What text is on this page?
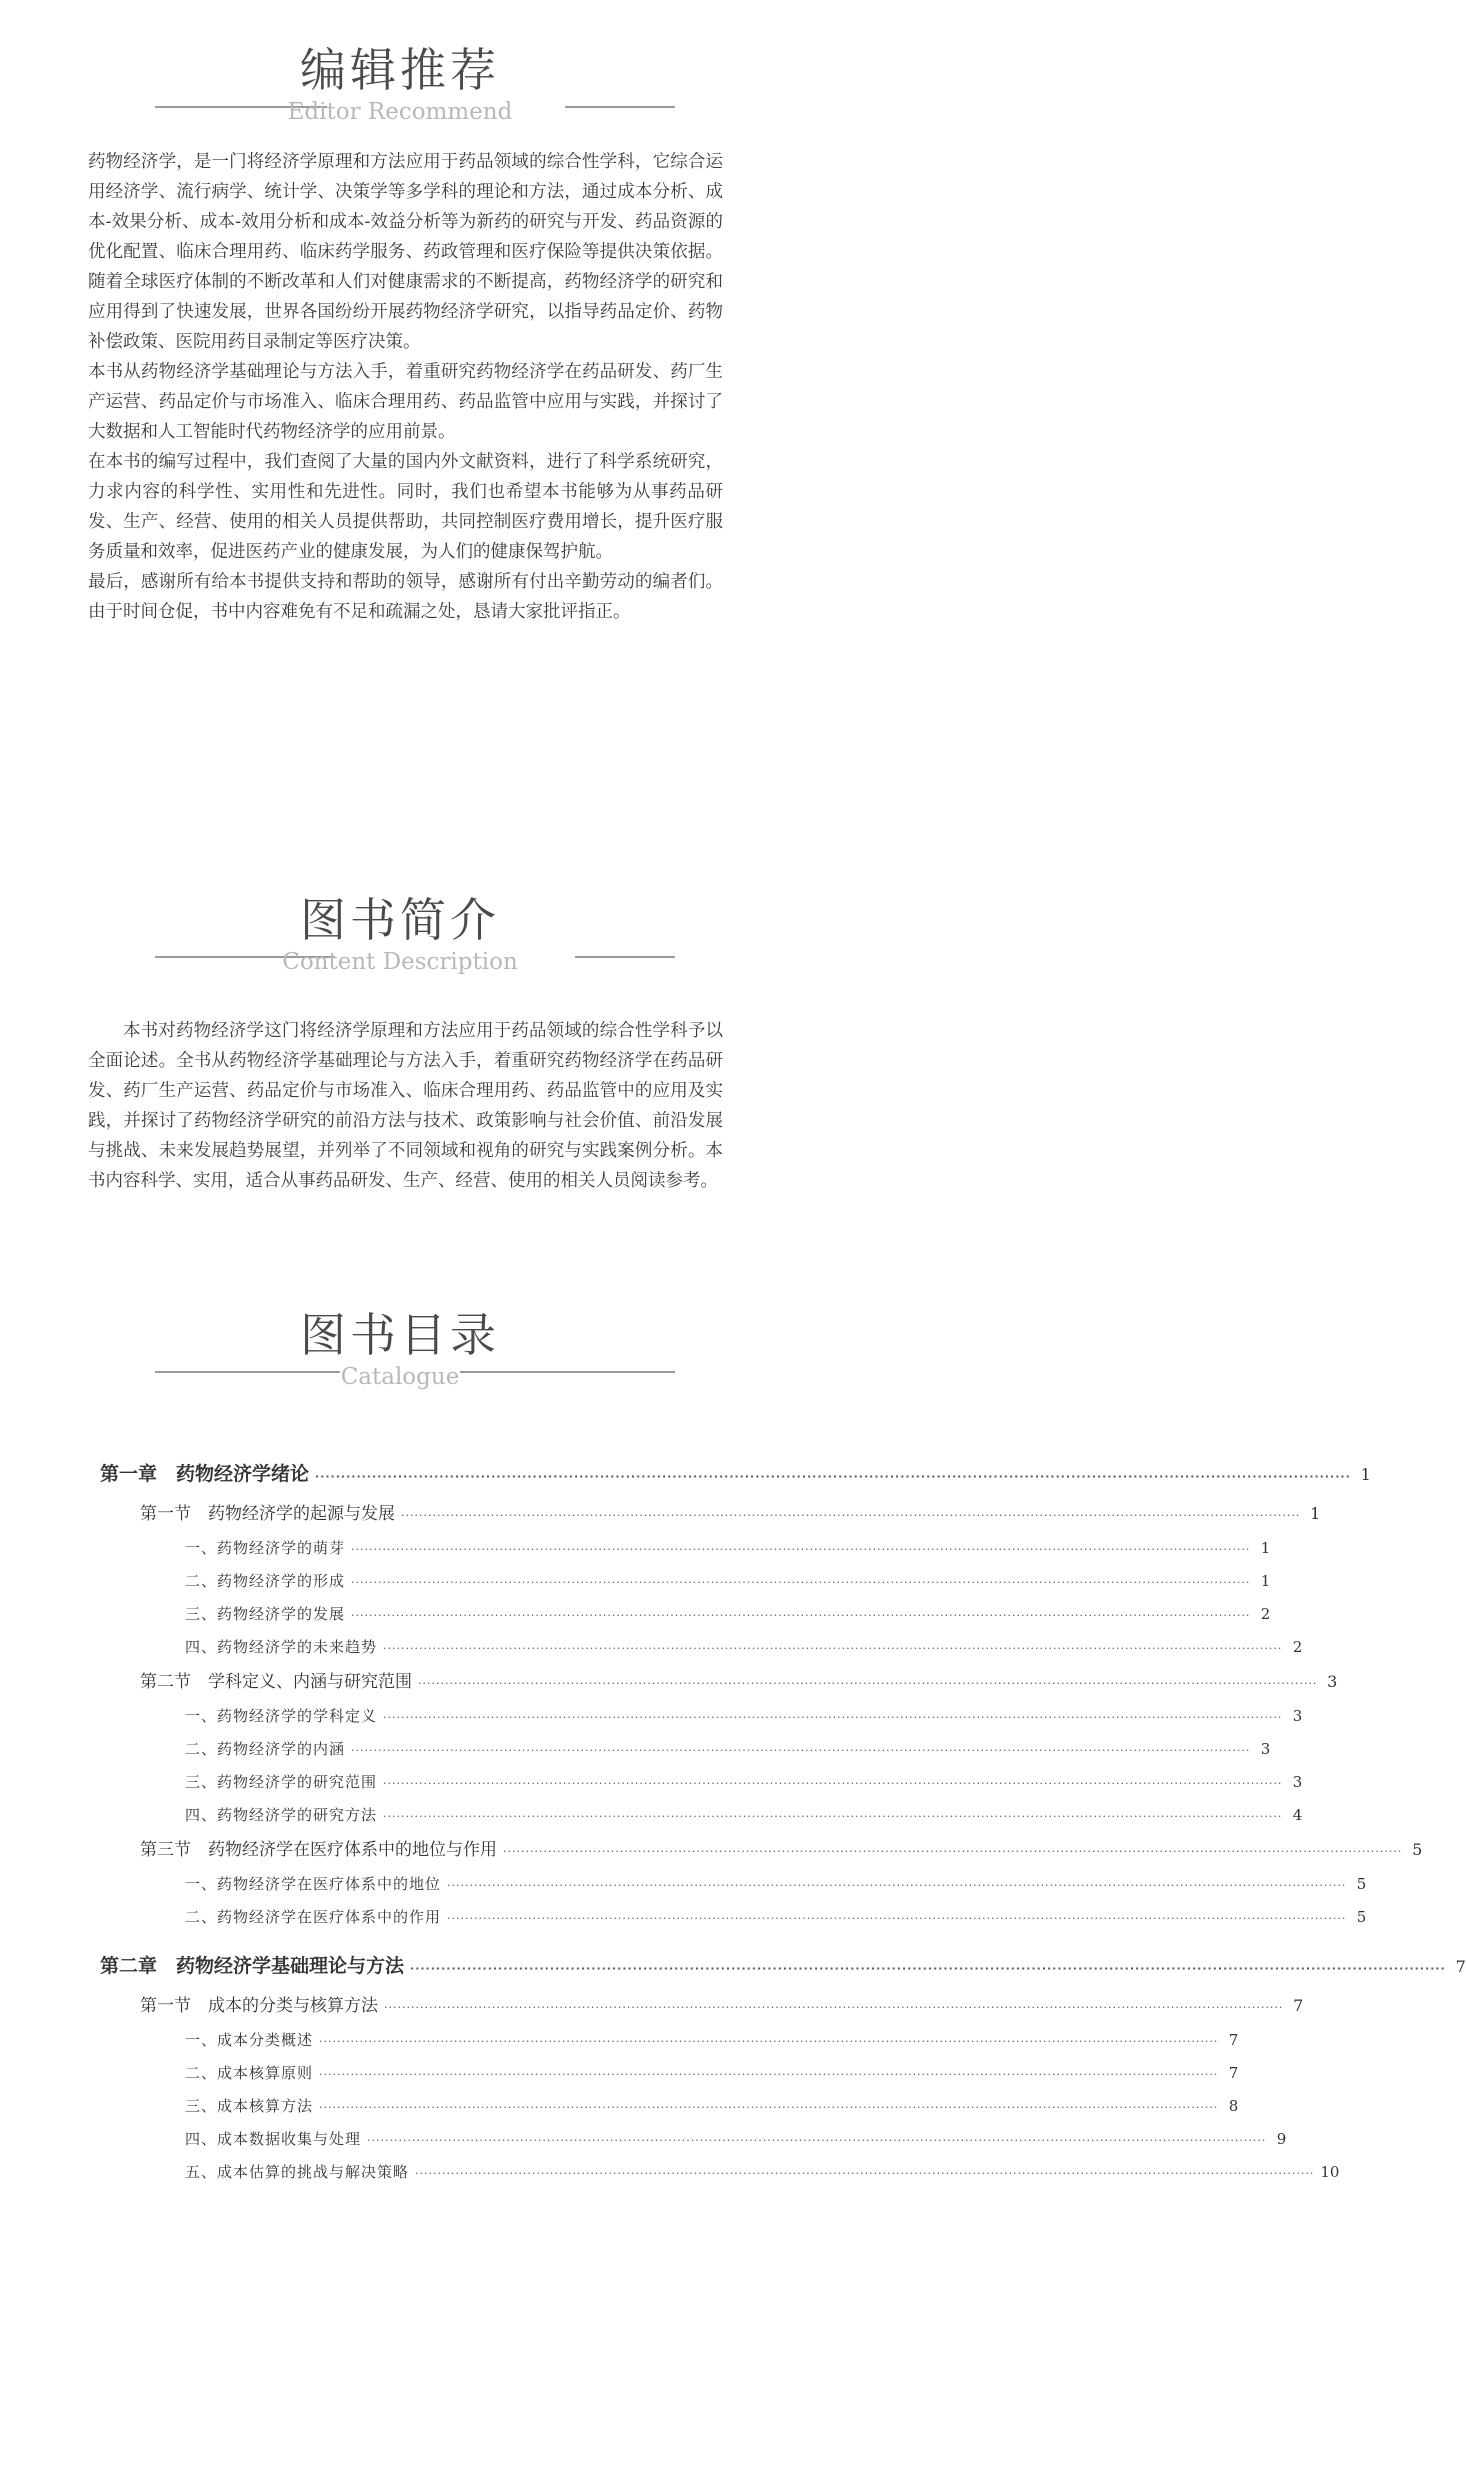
编辑推荐
Editor Recommend

药物经济学，是一门将经济学原理和方法应用于药品领域的综合性学科，它综合运用经济学、流行病学、统计学、决策学等多学科的理论和方法，通过成本分析、成本-效果分析、成本-效用分析和成本-效益分析等为新药的研究与开发、药品资源的优化配置、临床合理用药、临床药学服务、药政管理和医疗保险等提供决策依据。随着全球医疗体制的不断改革和人们对健康需求的不断提高，药物经济学的研究和应用得到了快速发展，世界各国纷纷开展药物经济学研究，以指导药品定价、药物补偿政策、医院用药目录制定等医疗决策。

本书从药物经济学基础理论与方法入手，着重研究药物经济学在药品研发、药厂生产运营、药品定价与市场准入、临床合理用药、药品监管中应用与实践，并探讨了大数据和人工智能时代药物经济学的应用前景。

在本书的编写过程中，我们查阅了大量的国内外文献资料，进行了科学系统研究，力求内容的科学性、实用性和先进性。同时，我们也希望本书能够为从事药品研发、生产、经营、使用的相关人员提供帮助，共同控制医疗费用增长，提升医疗服务质量和效率，促进医药产业的健康发展，为人们的健康保驾护航。

最后，感谢所有给本书提供支持和帮助的领导，感谢所有付出辛勤劳动的编者们。由于时间仓促，书中内容难免有不足和疏漏之处，恳请大家批评指正。

图书简介
Content Description

本书对药物经济学这门将经济学原理和方法应用于药品领域的综合性学科予以全面论述。全书从药物经济学基础理论与方法入手，着重研究药物经济学在药品研发、药厂生产运营、药品定价与市场准入、临床合理用药、药品监管中的应用及实践，并探讨了药物经济学研究的前沿方法与技术、政策影响与社会价值、前沿发展与挑战、未来发展趋势展望，并列举了不同领域和视角的研究与实践案例分析。本书内容科学、实用，适合从事药品研发、生产、经营、使用的相关人员阅读参考。

图书目录
Catalogue
第一章　药物经济学绪论 ········································································································································································································ 1
第一节　药物经济学的起源与发展 ········································································································································································································ 1
一、药物经济学的萌芽 ········································································································································································································ 1
二、药物经济学的形成 ········································································································································································································ 1
三、药物经济学的发展 ········································································································································································································ 2
四、药物经济学的未来趋势 ········································································································································································································ 2
第二节　学科定义、内涵与研究范围 ········································································································································································································ 3
一、药物经济学的学科定义 ········································································································································································································ 3
二、药物经济学的内涵 ········································································································································································································ 3
三、药物经济学的研究范围 ········································································································································································································ 3
四、药物经济学的研究方法 ········································································································································································································ 4
第三节　药物经济学在医疗体系中的地位与作用 ········································································································································································································ 5
一、药物经济学在医疗体系中的地位 ········································································································································································································ 5
二、药物经济学在医疗体系中的作用 ········································································································································································································ 5
第二章　药物经济学基础理论与方法 ········································································································································································································ 7
第一节　成本的分类与核算方法 ········································································································································································································ 7
一、成本分类概述 ········································································································································································································ 7
二、成本核算原则 ········································································································································································································ 7
三、成本核算方法 ········································································································································································································ 8
四、成本数据收集与处理 ········································································································································································································ 9
五、成本估算的挑战与解决策略 ········································································································································································································ 10
